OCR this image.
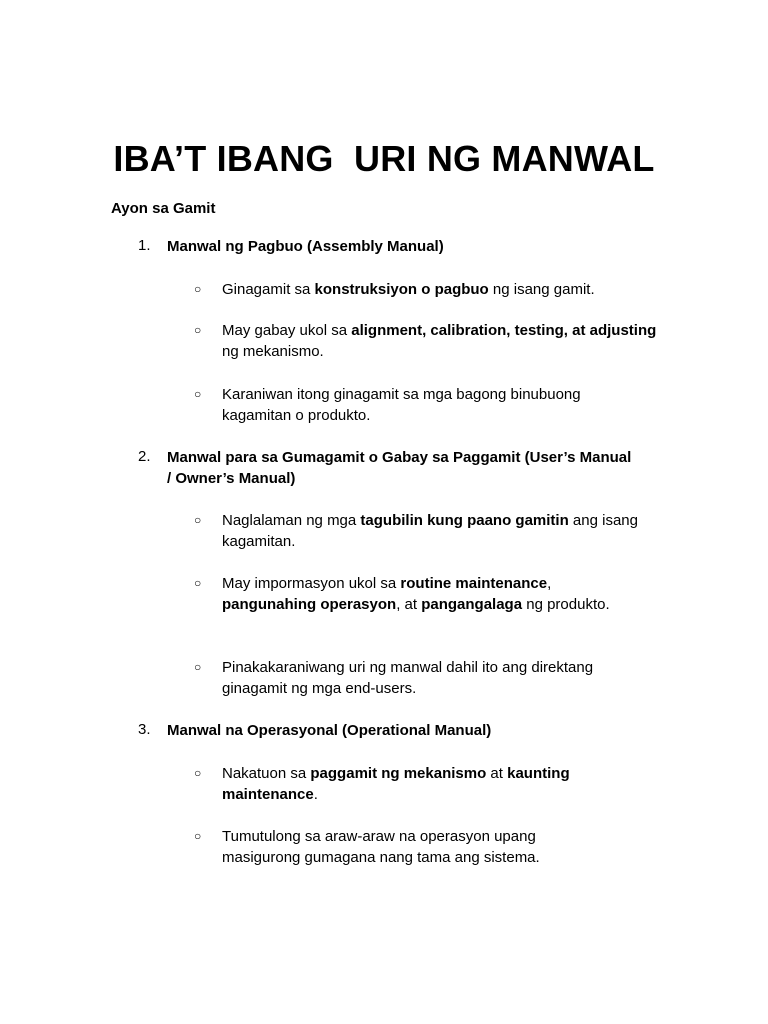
IBA’T IBANG  URI NG MANWAL
Ayon sa Gamit
1.	Manwal ng Pagbuo (Assembly Manual)
○ Ginagamit sa konstruksiyon o pagbuo ng isang gamit.
○ May gabay ukol sa alignment, calibration, testing, at adjusting ng mekanismo.
○ Karaniwan itong ginagamit sa mga bagong binubuong kagamitan o produkto.
2.	Manwal para sa Gumagamit o Gabay sa Paggamit (User’s Manual / Owner’s Manual)
○ Naglalaman ng mga tagubilin kung paano gamitin ang isang kagamitan.
○ May impormasyon ukol sa routine maintenance, pangunahing operasyon, at pangangalaga ng produkto.
○ Pinakakaraniwang uri ng manwal dahil ito ang direktang ginagamit ng mga end-users.
3.	Manwal na Operasyonal (Operational Manual)
○ Nakatuon sa paggamit ng mekanismo at kaunting maintenance.
○ Tumutulong sa araw-araw na operasyon upang masigurong gumagana nang tama ang sistema.
